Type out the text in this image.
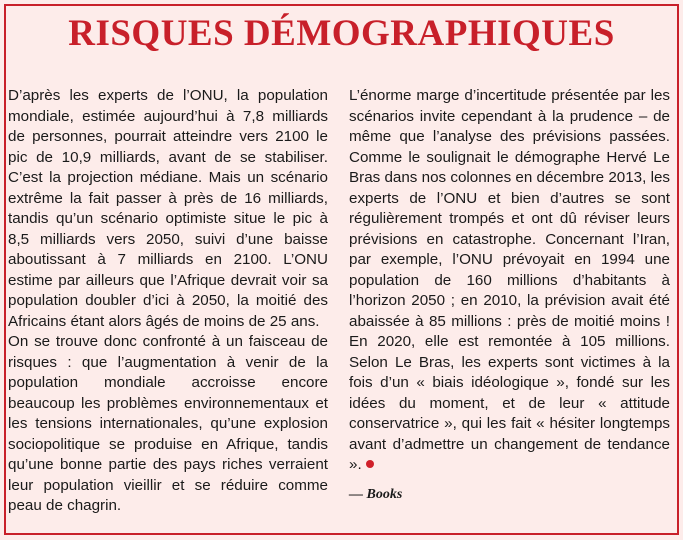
RISQUES DÉMOGRAPHIQUES

D’après les experts de l’ONU, la population mondiale, estimée aujourd’hui à 7,8 milliards de personnes, pourrait atteindre vers 2100 le pic de 10,9 milliards, avant de se stabiliser. C’est la projection médiane. Mais un scénario extrême la fait passer à près de 16 milliards, tandis qu’un scénario optimiste situe le pic à 8,5 milliards vers 2050, suivi d’une baisse aboutissant à 7 milliards en 2100. L’ONU estime par ailleurs que l’Afrique devrait voir sa population doubler d’ici à 2050, la moitié des Africains étant alors âgés de moins de 25 ans.

On se trouve donc confronté à un faisceau de risques : que l’augmentation à venir de la population mondiale accroisse encore beaucoup les problèmes environnementaux et les tensions internationales, qu’une explosion sociopolitique se produise en Afrique, tandis qu’une bonne partie des pays riches verraient leur population vieillir et se réduire comme peau de chagrin.

L’énorme marge d’incertitude présentée par les scénarios invite cependant à la prudence – de même que l’analyse des prévisions passées. Comme le soulignait le démographe Hervé Le Bras dans nos colonnes en décembre 2013, les experts de l’ONU et bien d’autres se sont régulièrement trompés et ont dû réviser leurs prévisions en catastrophe. Concernant l’Iran, par exemple, l’ONU prévoyait en 1994 une population de 160 millions d’habitants à l’horizon 2050 ; en 2010, la prévision avait été abaissée à 85 millions : près de moitié moins ! En 2020, elle est remontée à 105 millions. Selon Le Bras, les experts sont victimes à la fois d’un « biais idéologique », fondé sur les idées du moment, et de leur « attitude conservatrice », qui les fait « hésiter longtemps avant d’admettre un changement de tendance ».

— Books
